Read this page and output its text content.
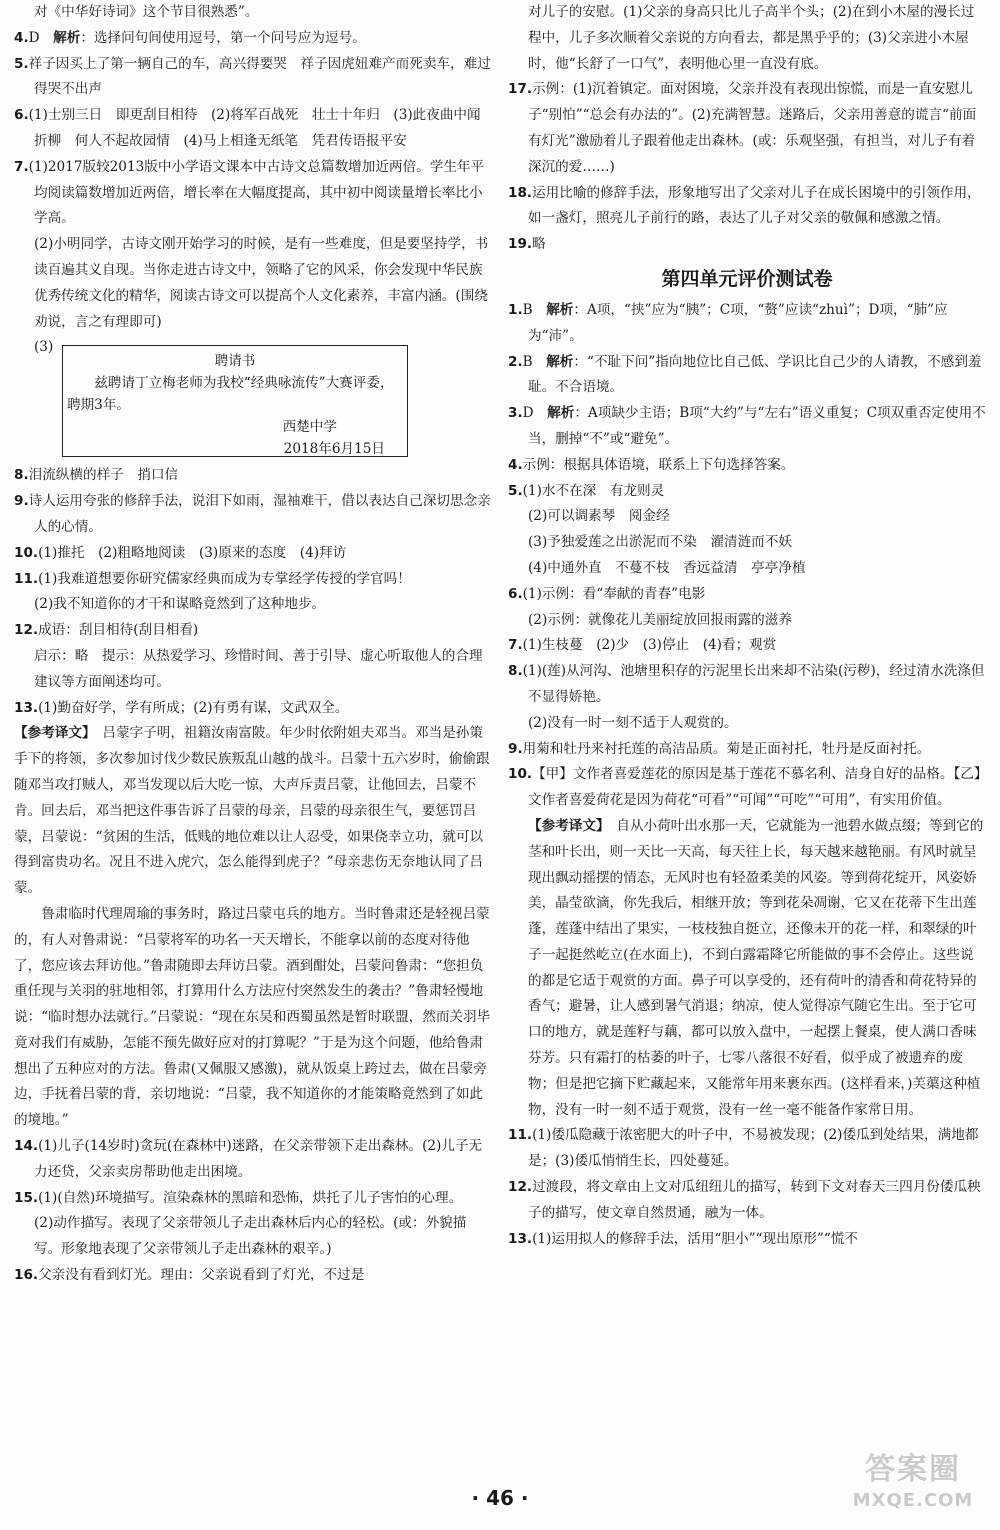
对《中华好诗词》这个节目很熟悉”。

4.D　解析：选择问句间使用逗号，第一个问号应为逗号。

5.祥子因买上了第一辆自己的车，高兴得要哭　祥子因虎妞难产而死卖车，难过得哭不出声

6.(1)士别三日　即更刮目相待　(2)将军百战死　壮士十年归　(3)此夜曲中闻折柳　何人不起故园情　(4)马上相逢无纸笔　凭君传语报平安

7.(1)2017版较2013版中小学语文课本中古诗文总篇数增加近两倍。学生年平均阅读篇数增加近两倍，增长率在大幅度提高，其中初中阅读量增长率比小学高。

(2)小明同学，古诗文刚开始学习的时候，是有一些难度，但是要坚持学，书读百遍其义自现。当你走进古诗文中，领略了它的风采，你会发现中华民族优秀传统文化的精华，阅读古诗文可以提高个人文化素养，丰富内涵。(围绕劝说，言之有理即可)

(3)

聘请书

兹聘请丁立梅老师为我校“经典咏流传”大赛评委，聘期3年。

西楚中学

2018年6月15日

8.泪流纵横的样子　捎口信

9.诗人运用夸张的修辞手法，说泪下如雨，湿袖难干，借以表达自己深切思念亲人的心情。

10.(1)推托　(2)粗略地阅读　(3)原来的态度　(4)拜访

11.(1)我难道想要你研究儒家经典而成为专掌经学传授的学官吗！

(2)我不知道你的才干和谋略竟然到了这种地步。

12.成语：刮目相待(刮目相看)

启示：略　提示：从热爱学习、珍惜时间、善于引导、虚心听取他人的合理建议等方面阐述均可。

13.(1)勤奋好学，学有所成；(2)有勇有谋，文武双全。

【参考译文】　 吕蒙字子明，祖籍汝南富陂。年少时依附姐夫邓当。邓当是孙策手下的将领，多次参加讨伐少数民族叛乱山越的战斗。吕蒙十五六岁时，偷偷跟随邓当攻打贼人，邓当发现以后大吃一惊，大声斥责吕蒙，让他回去，吕蒙不肯。回去后，邓当把这件事告诉了吕蒙的母亲，吕蒙的母亲很生气，要惩罚吕蒙，吕蒙说：“贫困的生活，低贱的地位难以让人忍受，如果侥幸立功，就可以得到富贵功名。况且不进入虎穴，怎么能得到虎子？”母亲悲伤无奈地认同了吕蒙。

鲁肃临时代理周瑜的事务时，路过吕蒙屯兵的地方。当时鲁肃还是轻视吕蒙的，有人对鲁肃说：“吕蒙将军的功名一天天增长，不能拿以前的态度对待他了，您应该去拜访他。”鲁肃随即去拜访吕蒙。酒到酣处，吕蒙问鲁肃：“您担负重任现与关羽的驻地相邻，打算用什么方法应付突然发生的袭击？”鲁肃轻慢地说：“临时想办法就行。”吕蒙说：“现在东吴和西蜀虽然是暂时联盟，然而关羽毕竟对我们有威胁，怎能不预先做好应对的打算呢？”于是为这个问题，他给鲁肃想出了五种应对的方法。鲁肃(又佩服又感激)，就从饭桌上跨过去，做在吕蒙旁边，手抚着吕蒙的背，亲切地说：“吕蒙，我不知道你的才能策略竟然到了如此的境地。”

14.(1)儿子(14岁时)贪玩(在森林中)迷路，在父亲带领下走出森林。(2)儿子无力还贷，父亲卖房帮助他走出困境。

15.(1)(自然)环境描写。渲染森林的黑暗和恐怖，烘托了儿子害怕的心理。

(2)动作描写。表现了父亲带领儿子走出森林后内心的轻松。(或：外貌描写。形象地表现了父亲带领儿子走出森林的艰辛。)

16.父亲没有看到灯光。理由：父亲说看到了灯光，不过是

对儿子的安慰。(1)父亲的身高只比儿子高半个头；(2)在到小木屋的漫长过程中，儿子多次顺着父亲说的方向看去，都是黑乎乎的；(3)父亲进小木屋时，他“长舒了一口气”，表明他心里一直没有底。

17.示例：(1)沉着镇定。面对困境，父亲并没有表现出惊慌，而是一直安慰儿子“别怕”“总会有办法的”。(2)充满智慧。迷路后，父亲用善意的谎言“前面有灯光”激励着儿子跟着他走出森林。(或：乐观坚强，有担当，对儿子有着深沉的爱……)

18.运用比喻的修辞手法，形象地写出了父亲对儿子在成长困境中的引领作用，如一盏灯，照亮儿子前行的路，表达了儿子对父亲的敬佩和感激之情。

19.略

第四单元评价测试卷

1.B　解析：A项，“挟”应为“胰”；C项，“赘”应读“zhuì”；D项，“肺”应为“沛”。

2.B　解析：“不耻下问”指向地位比自己低、学识比自己少的人请教，不感到羞耻。不合语境。

3.D　解析：A项缺少主语；B项“大约”与“左右”语义重复；C项双重否定使用不当，删掉“不”或“避免”。

4.示例：根据具体语境，联系上下句选择答案。

5.(1)水不在深　有龙则灵

(2)可以调素琴　阅金经

(3)予独爱莲之出淤泥而不染　濯清涟而不妖

(4)中通外直　不蔓不枝　香远益清　亭亭净植

6.(1)示例：看“奉献的青春”电影

(2)示例：就像花儿美丽绽放回报雨露的滋养

7.(1)生枝蔓　(2)少　(3)停止　(4)看；观赏

8.(1)(莲)从河沟、池塘里积存的污泥里长出来却不沾染(污秽)，经过清水洗涤但不显得娇艳。

(2)没有一时一刻不适于人观赏的。

9.用菊和牡丹来衬托莲的高洁品质。菊是正面衬托，牡丹是反面衬托。

10.【甲】文作者喜爱莲花的原因是基于莲花不慕名利、洁身自好的品格。【乙】文作者喜爱荷花是因为荷花“可看”“可闻”“可吃”“可用”，有实用价值。

【参考译文】　 自从小荷叶出水那一天，它就能为一池碧水做点缀；等到它的茎和叶长出，则一天比一天高，每天往上长，每天越来越艳丽。有风时就呈现出飘动摇摆的情态，无风时也有轻盈柔美的风姿。等到荷花绽开，风姿娇美，晶莹欲滴，你先我后，相继开放；等到花朵凋谢，它又在花蒂下生出莲蓬，莲蓬中结出了果实，一枝枝独自挺立，还像未开的花一样，和翠绿的叶子一起挺然屹立(在水面上)，不到白露霜降它所能做的事不会停止。这些说的都是它适于观赏的方面。鼻子可以享受的，还有荷叶的清香和荷花特异的香气；避暑，让人感到暑气消退；纳凉，使人觉得凉气随它生出。至于它可口的地方，就是莲籽与藕，都可以放入盘中，一起摆上餐桌，使人满口香味芬芳。只有霜打的枯萎的叶子，七零八落很不好看，似乎成了被遗弃的废物；但是把它摘下贮藏起来，又能常年用来裹东西。(这样看来，)芙蕖这种植物，没有一时一刻不适于观赏，没有一丝一毫不能备作家常日用。

11.(1)倭瓜隐藏于浓密肥大的叶子中，不易被发现；(2)倭瓜到处结果，满地都是；(3)倭瓜悄悄生长，四处蔓延。

12.过渡段，将文章由上文对瓜纽纽儿的描写，转到下文对春天三四月份倭瓜秧子的描写，使文章自然贯通，融为一体。

13.(1)运用拟人的修辞手法，活用“胆小”“现出原形”“慌不

· 46 ·
答案圈
MXQE.COM
